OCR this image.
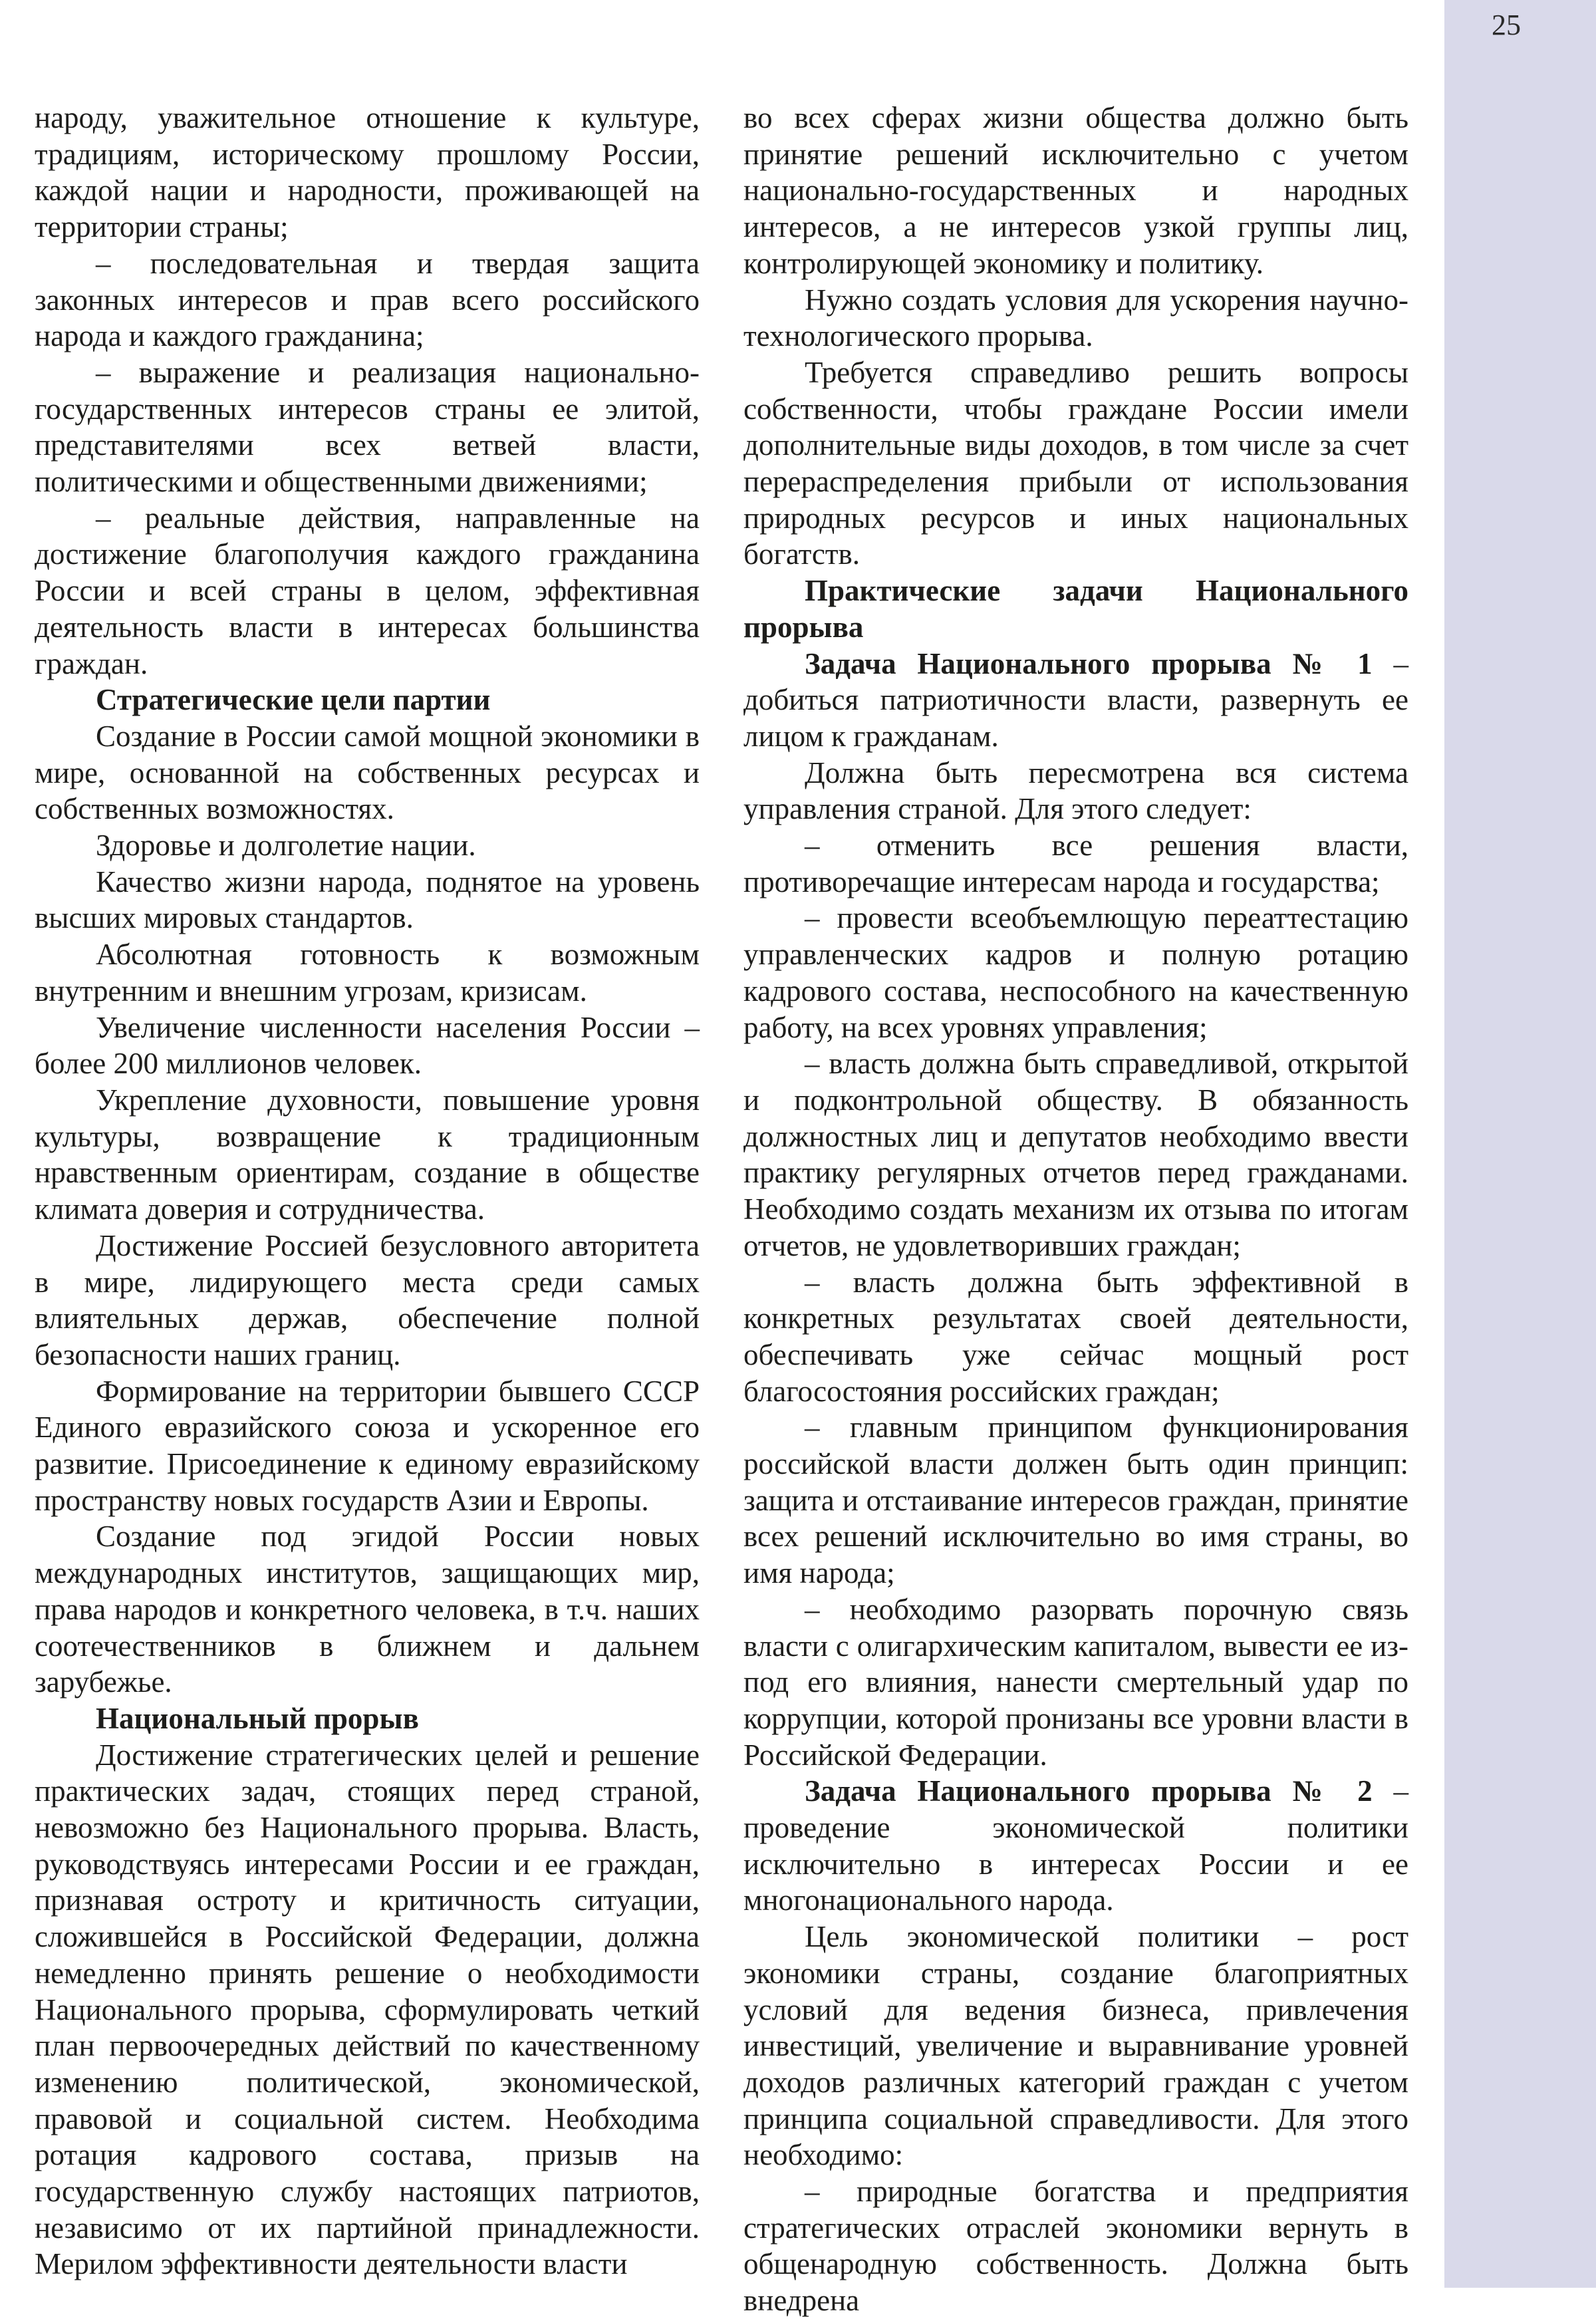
25

народу, уважительное отношение к культуре, традициям, историческому прошлому России, каждой нации и народности, проживающей на территории страны;

– последовательная и твердая защита законных интересов и прав всего российского народа и каждого гражданина;

– выражение и реализация национально-государственных интересов страны ее элитой, представителями всех ветвей власти, политическими и общественными движениями;

– реальные действия, направленные на достижение благополучия каждого гражданина России и всей страны в целом, эффективная деятельность власти в интересах большинства граждан.

Стратегические цели партии

Создание в России самой мощной экономики в мире, основанной на собственных ресурсах и собственных возможностях.

Здоровье и долголетие нации.

Качество жизни народа, поднятое на уровень высших мировых стандартов.

Абсолютная готовность к возможным внутренним и внешним угрозам, кризисам.

Увеличение численности населения России – более 200 миллионов человек.

Укрепление духовности, повышение уровня культуры, возвращение к традиционным нравственным ориентирам, создание в обществе климата доверия и сотрудничества.

Достижение Россией безусловного авторитета в мире, лидирующего места среди самых влиятельных держав, обеспечение полной безопасности наших границ.

Формирование на территории бывшего СССР Единого евразийского союза и ускоренное его развитие. Присоединение к единому евразийскому пространству новых государств Азии и Европы.

Создание под эгидой России новых международных институтов, защищающих мир, права народов и конкретного человека, в т.ч. наших соотечественников в ближнем и дальнем зарубежье.

Национальный прорыв

Достижение стратегических целей и решение практических задач, стоящих перед страной, невозможно без Национального прорыва. Власть, руководствуясь интересами России и ее граждан, признавая остроту и критичность ситуации, сложившейся в Российской Федерации, должна немедленно принять решение о необходимости Национального прорыва, сформулировать четкий план первоочередных действий по качественному изменению политической, экономической, правовой и социальной систем. Необходима ротация кадрового состава, призыв на государственную службу настоящих патриотов, независимо от их партийной принадлежности. Мерилом эффективности деятельности власти

во всех сферах жизни общества должно быть принятие решений исключительно с учетом национально-государственных и народных интересов, а не интересов узкой группы лиц, контролирующей экономику и политику.

Нужно создать условия для ускорения научно-технологического прорыва.

Требуется справедливо решить вопросы собственности, чтобы граждане России имели дополнительные виды доходов, в том числе за счет перераспределения прибыли от использования природных ресурсов и иных национальных богатств.

Практические задачи Национального

прорыва

Задача Национального прорыва № 1 – добиться патриотичности власти, развернуть ее лицом к гражданам.

Должна быть пересмотрена вся система управления страной. Для этого следует:

– отменить все решения власти, противоречащие интересам народа и государства;

– провести всеобъемлющую переаттестацию управленческих кадров и полную ротацию кадрового состава, неспособного на качественную работу, на всех уровнях управления;

– власть должна быть справедливой, открытой и подконтрольной обществу. В обязанность должностных лиц и депутатов необходимо ввести практику регулярных отчетов перед гражданами. Необходимо создать механизм их отзыва по итогам отчетов, не удовлетворивших граждан;

– власть должна быть эффективной в конкретных результатах своей деятельности, обеспечивать уже сейчас мощный рост благосостояния российских граждан;

– главным принципом функционирования российской власти должен быть один принцип: защита и отстаивание интересов граждан, принятие всех решений исключительно во имя страны, во имя народа;

– необходимо разорвать порочную связь власти с олигархическим капиталом, вывести ее из-под его влияния, нанести смертельный удар по коррупции, которой пронизаны все уровни власти в Российской Федерации.

Задача Национального прорыва № 2 – проведение экономической политики исключительно в интересах России и ее многонационального народа.

Цель экономической политики – рост экономики страны, создание благоприятных условий для ведения бизнеса, привлечения инвестиций, увеличение и выравнивание уровней доходов различных категорий граждан с учетом принципа социальной справедливости. Для этого необходимо:

– природные богатства и предприятия стратегических отраслей экономики вернуть в общенародную собственность. Должна быть внедрена
